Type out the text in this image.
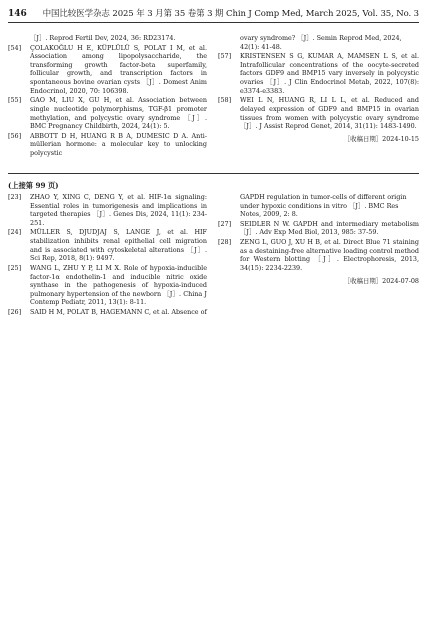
146 中国比较医学杂志 2025 年 3 月第 35 卷第 3 期 Chin J Comp Med, March 2025, Vol. 35, No. 3
［J］. Reprod Fertil Dev, 2024, 36: RD23174.
[54] ÇOLAKOĞLU H E, KÜPLÜLÜ S, POLAT I M, et al. Association among lipopolysaccharide, the transforming growth factor-beta superfamily, follicular growth, and transcription factors in spontaneous bovine ovarian cysts ［J］. Domest Anim Endocrinol, 2020, 70: 106398.
[55] GAO M, LIU X, GU H, et al. Association between single nucleotide polymorphisms, TGF-β1 promoter methylation, and polycystic ovary syndrome ［J］. BMC Pregnancy Childbirth, 2024, 24(1): 5.
[56] ABBOTT D H, HUANG R B A, DUMESIC D A. Anti-müllerian hormone: a molecular key to unlocking polycystic
ovary syndrome? ［J］. Semin Reprod Med, 2024, 42(1): 41-48.
[57] KRISTENSEN S G, KUMAR A, MAMSEN L S, et al. Intrafollicular concentrations of the oocyte-secreted factors GDF9 and BMP15 vary inversely in polycystic ovaries ［J］. J Clin Endocrinol Metab, 2022, 107(8): e3374-e3383.
[58] WEI L N, HUANG R, LI L L, et al. Reduced and delayed expression of GDF9 and BMP15 in ovarian tissues from women with polycystic ovary syndrome ［J］. J Assist Reprod Genet, 2014, 31(11): 1483-1490.
［收稿日期］2024-10-15
(上接第 99 页)
[23] ZHAO Y, XING C, DENG Y, et al. HIF-1α signaling: Essential roles in tumorigenesis and implications in targeted therapies ［J］. Genes Dis, 2024, 11(1): 234-251.
[24] MÜLLER S, DJUDJAJ S, LANGE J, et al. HIF stabilization inhibits renal epithelial cell migration and is associated with cytoskeletal alterations ［J］. Sci Rep, 2018, 8(1): 9497.
[25] WANG L, ZHU Y P, LI M X. Role of hypoxia-inducible factor-1α endothelin-1 and inducible nitric oxide synthase in the pathogenesis of hypoxia-induced pulmonary hypertension of the newborn ［J］. China J Contemp Pediatr, 2011, 13(1): 8-11.
[26] SAID H M, POLAT B, HAGEMANN C, et al. Absence of
GAPDH regulation in tumor-cells of different origin under hypoxic conditions in vitro ［J］. BMC Res Notes, 2009, 2: 8.
[27] SEIDLER N W. GAPDH and intermediary metabolism ［J］. Adv Exp Med Biol, 2013, 985: 37-59.
[28] ZENG L, GUO J, XU H B, et al. Direct Blue 71 staining as a destaining-free alternative loading control method for Western blotting ［J］. Electrophoresis, 2013, 34(15): 2234-2239.
［收稿日期］2024-07-08
